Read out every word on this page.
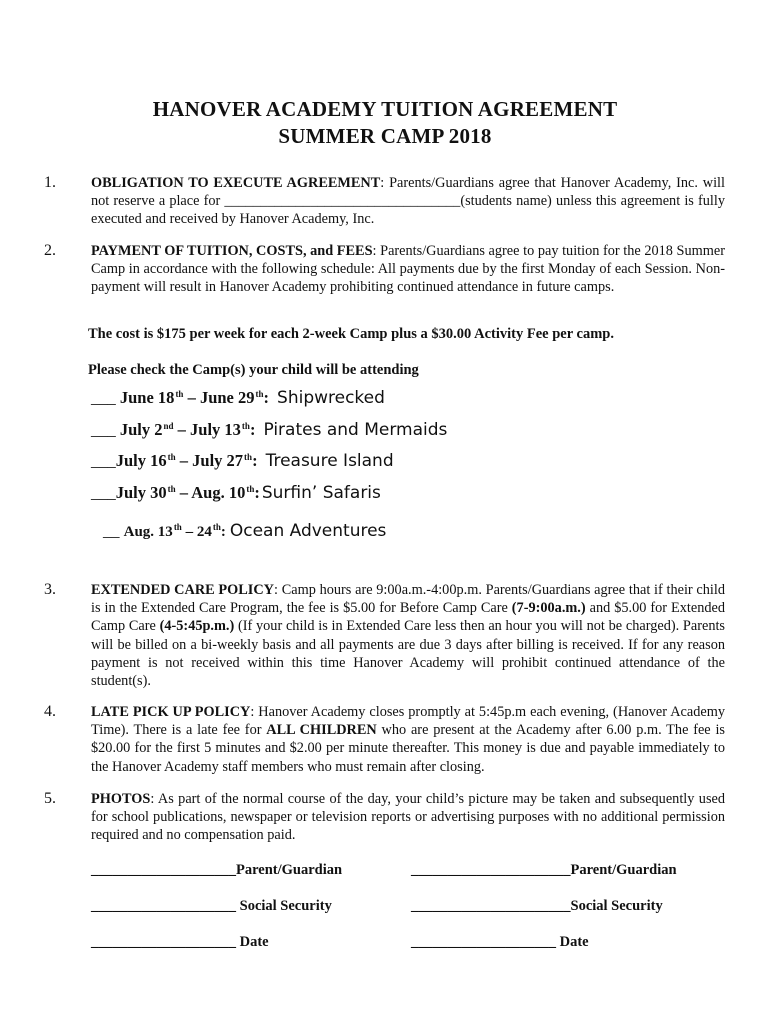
HANOVER ACADEMY TUITION AGREEMENT
SUMMER CAMP 2018
1. OBLIGATION TO EXECUTE AGREEMENT: Parents/Guardians agree that Hanover Academy, Inc. will not reserve a place for _________________________________(students name) unless this agreement is fully executed and received by Hanover Academy, Inc.
2. PAYMENT OF TUITION, COSTS, and FEES: Parents/Guardians agree to pay tuition for the 2018 Summer Camp in accordance with the following schedule: All payments due by the first Monday of each Session. Non-payment will result in Hanover Academy prohibiting continued attendance in future camps.
The cost is $175 per week for each 2-week Camp plus a $30.00 Activity Fee per camp.
Please check the Camp(s) your child will be attending
___ June 18th – June 29th: Shipwrecked
___ July 2nd – July 13th: Pirates and Mermaids
___July 16th – July 27th: Treasure Island
___July 30th – Aug. 10th: Surfin’ Safaris
__ Aug. 13th – 24th: Ocean Adventures
3. EXTENDED CARE POLICY: Camp hours are 9:00a.m.-4:00p.m. Parents/Guardians agree that if their child is in the Extended Care Program, the fee is $5.00 for Before Camp Care (7-9:00a.m.) and $5.00 for Extended Camp Care (4-5:45p.m.) (If your child is in Extended Care less then an hour you will not be charged). Parents will be billed on a bi-weekly basis and all payments are due 3 days after billing is received. If for any reason payment is not received within this time Hanover Academy will prohibit continued attendance of the student(s).
4. LATE PICK UP POLICY: Hanover Academy closes promptly at 5:45p.m each evening, (Hanover Academy Time). There is a late fee for ALL CHILDREN who are present at the Academy after 6.00 p.m. The fee is $20.00 for the first 5 minutes and $2.00 per minute thereafter. This money is due and payable immediately to the Hanover Academy staff members who must remain after closing.
5. PHOTOS: As part of the normal course of the day, your child’s picture may be taken and subsequently used for school publications, newspaper or television reports or advertising purposes with no additional permission required and no compensation paid.
____________________Parent/Guardian	______________________Parent/Guardian
____________________ Social Security	______________________Social Security
____________________ Date	____________________ Date
